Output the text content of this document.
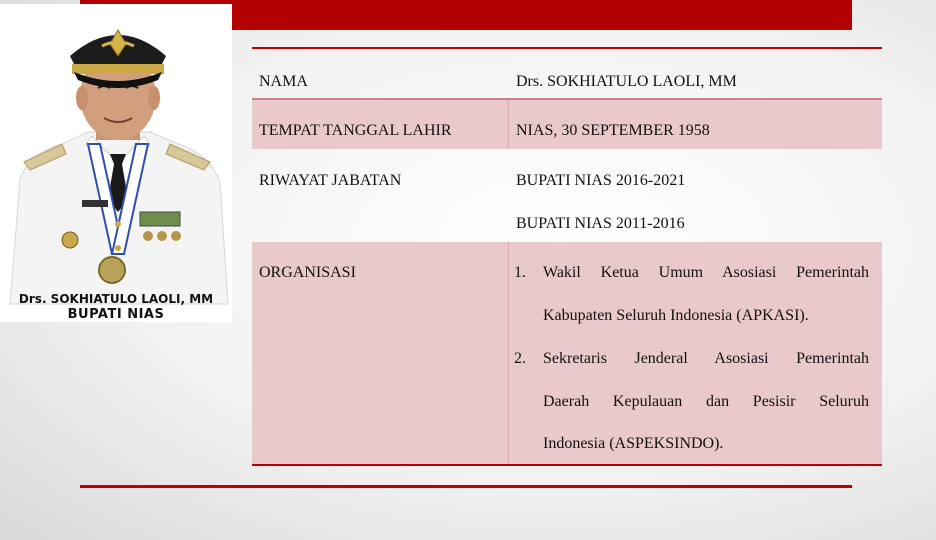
Drs. SOKHIATULO LAOLI, MM
BUPATI NIAS
NAMA	Drs. SOKHIATULO LAOLI, MM
TEMPAT TANGGAL LAHIR	NIAS, 30 SEPTEMBER 1958
RIWAYAT JABATAN	BUPATI NIAS 2016-2021
BUPATI NIAS 2011-2016
ORGANISASI	1. Wakil Ketua Umum Asosiasi Pemerintah
Kabupaten Seluruh Indonesia (APKASI).
2. Sekretaris Jenderal Asosiasi Pemerintah
Daerah Kepulauan dan Pesisir Seluruh
Indonesia (ASPEKSINDO).
